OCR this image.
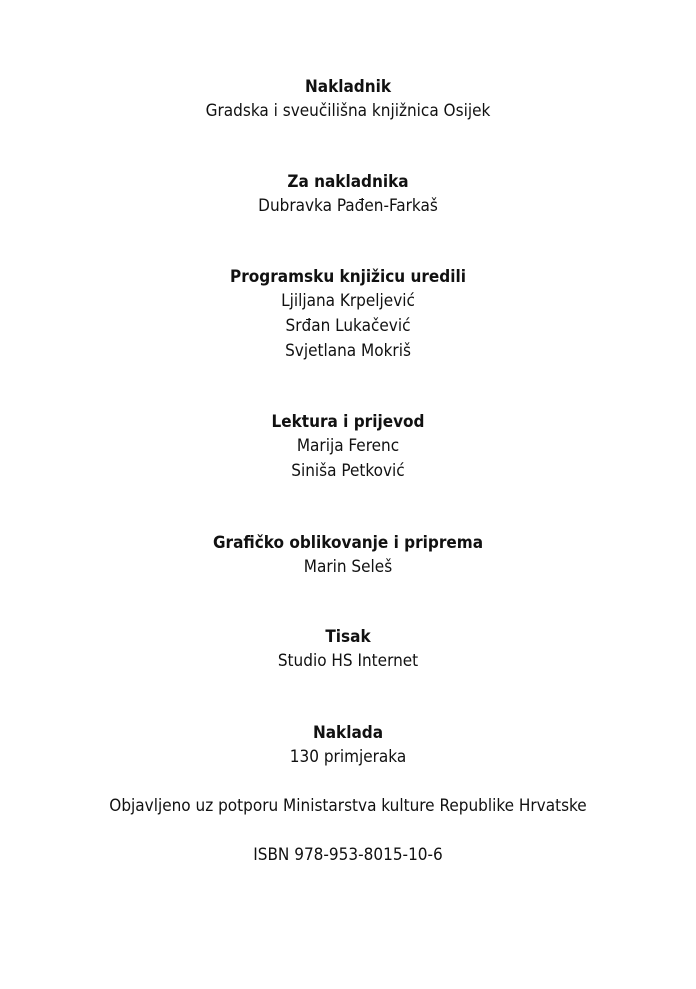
Nakladnik
Gradska i sveučilišna knjižnica Osijek
Za nakladnika
Dubravka Pađen-Farkaš
Programsku knjižicu uredili
Ljiljana Krpeljević
Srđan Lukačević
Svjetlana Mokriš
Lektura i prijevod
Marija Ferenc
Siniša Petković
Grafičko oblikovanje i priprema
Marin Seleš
Tisak
Studio HS Internet
Naklada
130 primjeraka
Objavljeno uz potporu Ministarstva kulture Republike Hrvatske
ISBN 978-953-8015-10-6
